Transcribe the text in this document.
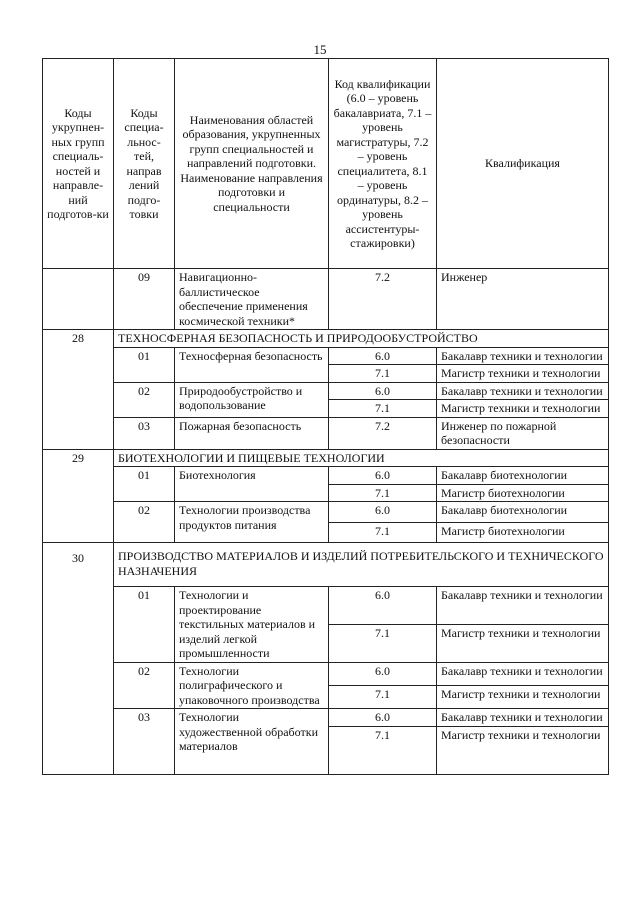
15
Коды укрупнен-ных групп специаль-ностей и направле-ний подготов-ки	Коды специа-льнос-тей, направ лений подго-товки	Наименования областей образования, укрупненных групп специальностей и направлений подготовки. Наименование направления подготовки и специальности	Код квалификации (6.0 – уровень бакалавриата, 7.1 – уровень магистратуры, 7.2 – уровень специалитета, 8.1 – уровень ординатуры, 8.2 – уровень ассистентуры-стажировки)	Квалификация
	09	Навигационно-баллистическое обеспечение применения космической техники*	7.2	Инженер
28	ТЕХНОСФЕРНАЯ БЕЗОПАСНОСТЬ И ПРИРОДООБУСТРОЙСТВО			
	01	Техносферная безопасность	6.0	Бакалавр техники и технологии
			7.1	Магистр техники и технологии
	02	Природообустройство и водопользование	6.0	Бакалавр техники и технологии
			7.1	Магистр техники и технологии
	03	Пожарная безопасность	7.2	Инженер по пожарной безопасности
29	БИОТЕХНОЛОГИИ И ПИЩЕВЫЕ ТЕХНОЛОГИИ			
	01	Биотехнология	6.0	Бакалавр биотехнологии
			7.1	Магистр биотехнологии
	02	Технологии производства продуктов питания	6.0	Бакалавр биотехнологии
			7.1	Магистр биотехнологии
30	ПРОИЗВОДСТВО МАТЕРИАЛОВ И ИЗДЕЛИЙ ПОТРЕБИТЕЛЬСКОГО И ТЕХНИЧЕСКОГО НАЗНАЧЕНИЯ			
	01	Технологии и проектирование текстильных материалов и изделий легкой промышленности	6.0	Бакалавр техники и технологии
			7.1	Магистр техники и технологии
	02	Технологии полиграфического и упаковочного производства	6.0	Бакалавр техники и технологии
			7.1	Магистр техники и технологии
	03	Технологии художественной обработки материалов	6.0	Бакалавр техники и технологии
			7.1	Магистр техники и технологии
